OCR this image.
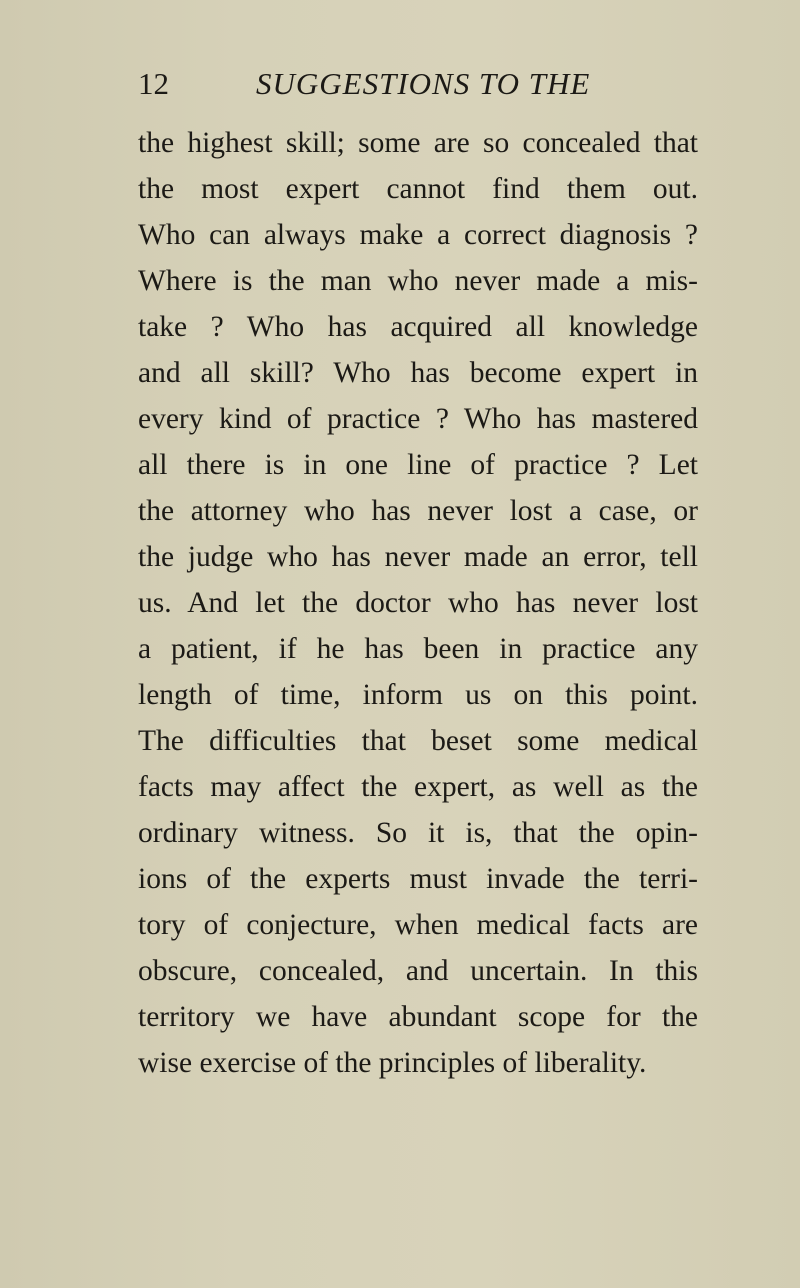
12	SUGGESTIONS TO THE
the highest skill; some are so concealed that
the most expert cannot find them out.
Who can always make a correct diagnosis ?
Where is the man who never made a mis-
take ? Who has acquired all knowledge
and all skill? Who has become expert in
every kind of practice ? Who has mastered
all there is in one line of practice ? Let
the attorney who has never lost a case, or
the judge who has never made an error, tell
us. And let the doctor who has never lost
a patient, if he has been in practice any
length of time, inform us on this point.
The difficulties that beset some medical
facts may affect the expert, as well as the
ordinary witness. So it is, that the opin-
ions of the experts must invade the terri-
tory of conjecture, when medical facts are
obscure, concealed, and uncertain. In this
territory we have abundant scope for the
wise exercise of the principles of liberality.
